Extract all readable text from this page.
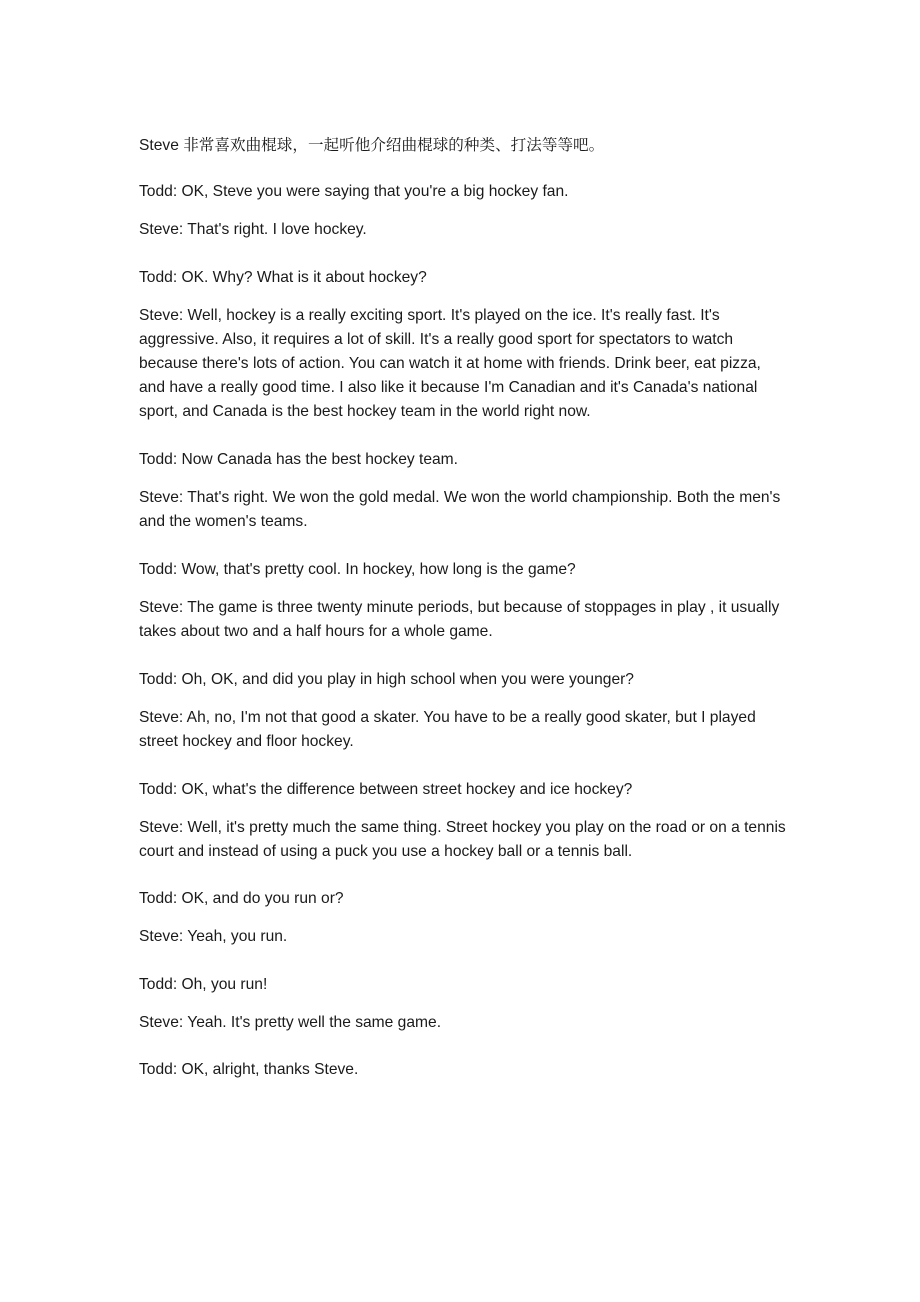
Steve 非常喜欢曲棍球，一起听他介绍曲棍球的种类、打法等等吧。

Todd: OK, Steve you were saying that you're a big hockey fan.

Steve: That's right. I love hockey.

Todd: OK. Why? What is it about hockey?

Steve: Well, hockey is a really exciting sport. It's played on the ice. It's really fast. It's aggressive. Also, it requires a lot of skill. It's a really good sport for spectators to watch because there's lots of action. You can watch it at home with friends. Drink beer, eat pizza, and have a really good time. I also like it because I'm Canadian and it's Canada's national sport, and Canada is the best hockey team in the world right now.

Todd: Now Canada has the best hockey team.

Steve: That's right. We won the gold medal. We won the world championship. Both the men's and the women's teams.

Todd: Wow, that's pretty cool. In hockey, how long is the game?

Steve: The game is three twenty minute periods, but because of stoppages in play , it usually takes about two and a half hours for a whole game.

Todd: Oh, OK, and did you play in high school when you were younger?

Steve: Ah, no, I'm not that good a skater. You have to be a really good skater, but I played street hockey and floor hockey.

Todd: OK, what's the difference between street hockey and ice hockey?

Steve: Well, it's pretty much the same thing. Street hockey you play on the road or on a tennis court and instead of using a puck you use a hockey ball or a tennis ball.

Todd: OK, and do you run or?

Steve: Yeah, you run.

Todd: Oh, you run!

Steve: Yeah. It's pretty well the same game.

Todd: OK, alright, thanks Steve.
